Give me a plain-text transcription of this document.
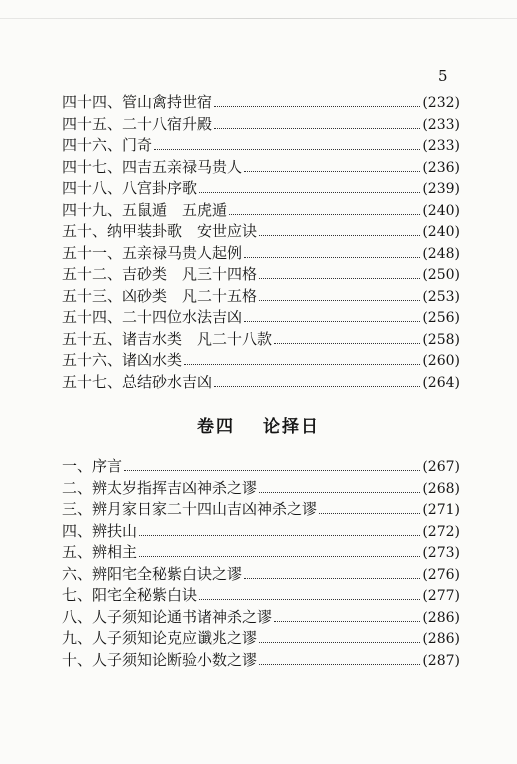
5
四十四、管山禽持世宿	(232)
四十五、二十八宿升殿	(233)
四十六、门奇	(233)
四十七、四吉五亲禄马贵人	(236)
四十八、八宫卦序歌	(239)
四十九、五鼠遁　五虎遁	(240)
五十、纳甲装卦歌　安世应诀	(240)
五十一、五亲禄马贵人起例	(248)
五十二、吉砂类　凡三十四格	(250)
五十三、凶砂类　凡二十五格	(253)
五十四、二十四位水法吉凶	(256)
五十五、诸吉水类　凡二十八款	(258)
五十六、诸凶水类	(260)
五十七、总结砂水吉凶	(264)
卷四 论择日
一、序言	(267)
二、辨太岁指挥吉凶神杀之谬	(268)
三、辨月家日家二十四山吉凶神杀之谬	(271)
四、辨扶山	(272)
五、辨相主	(273)
六、辨阳宅全秘紫白诀之谬	(276)
七、阳宅全秘紫白诀	(277)
八、人子须知论通书诸神杀之谬	(286)
九、人子须知论克应谶兆之谬	(286)
十、人子须知论断验小数之谬	(287)
